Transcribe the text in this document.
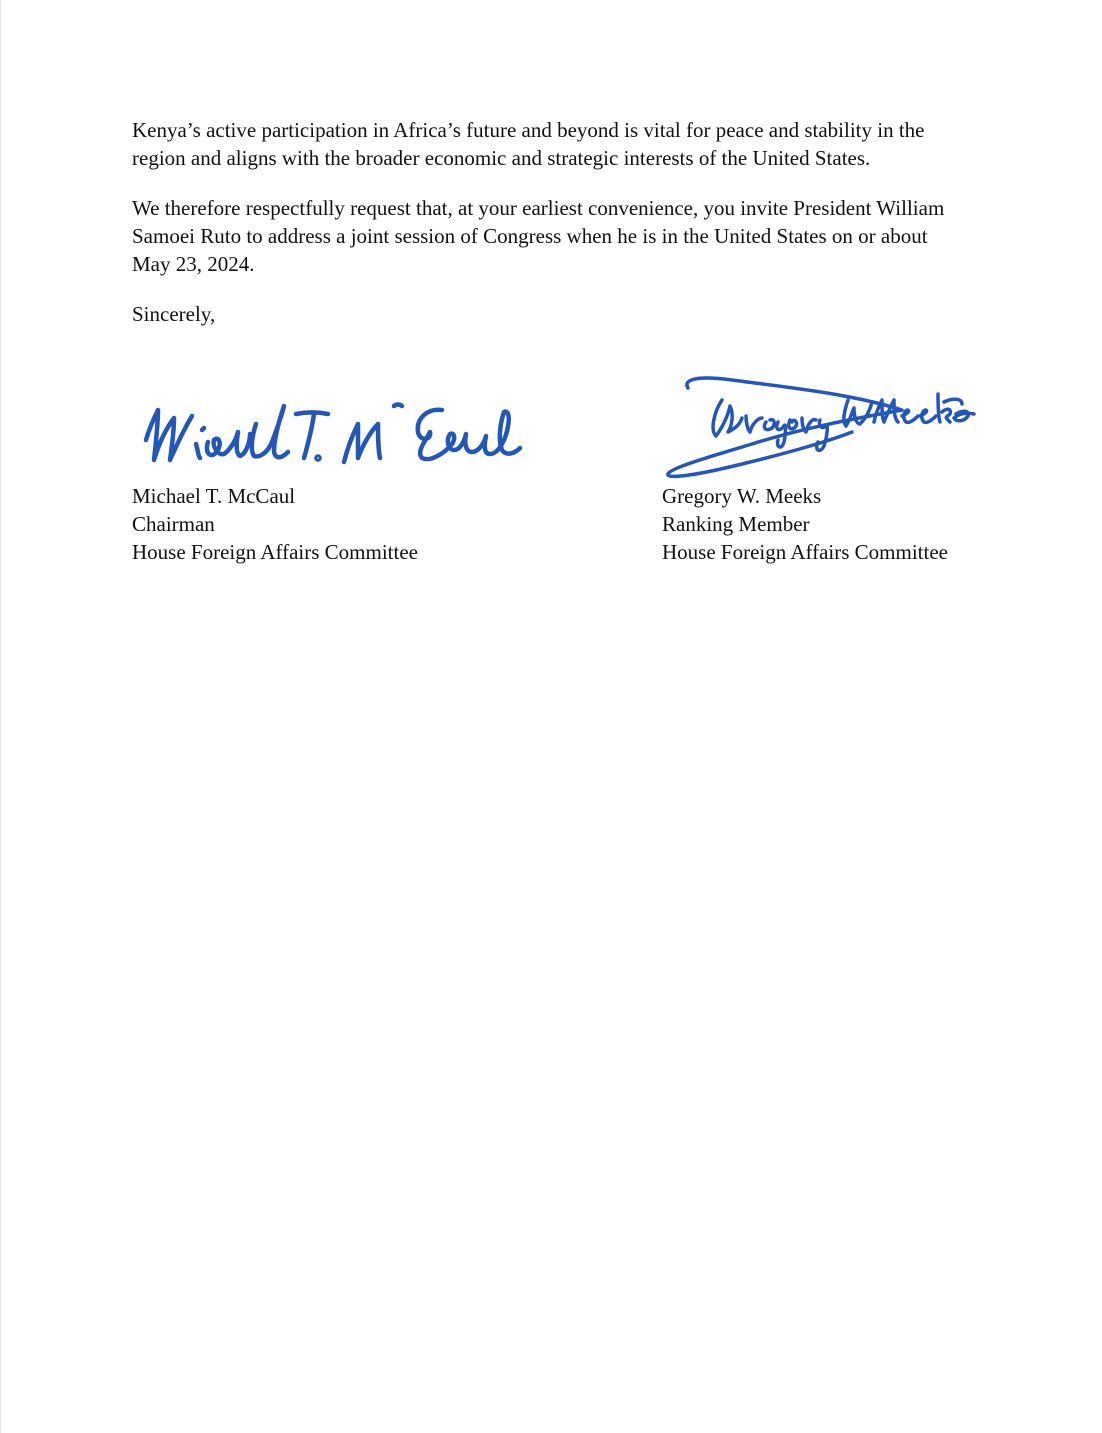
Kenya’s active participation in Africa’s future and beyond is vital for peace and stability in the
region and aligns with the broader economic and strategic interests of the United States.

We therefore respectfully request that, at your earliest convenience, you invite President William
Samoei Ruto to address a joint session of Congress when he is in the United States on or about
May 23, 2024.

Sincerely,

Michael T. McCaul
Chairman
House Foreign Affairs Committee
Gregory W. Meeks
Ranking Member
House Foreign Affairs Committee
